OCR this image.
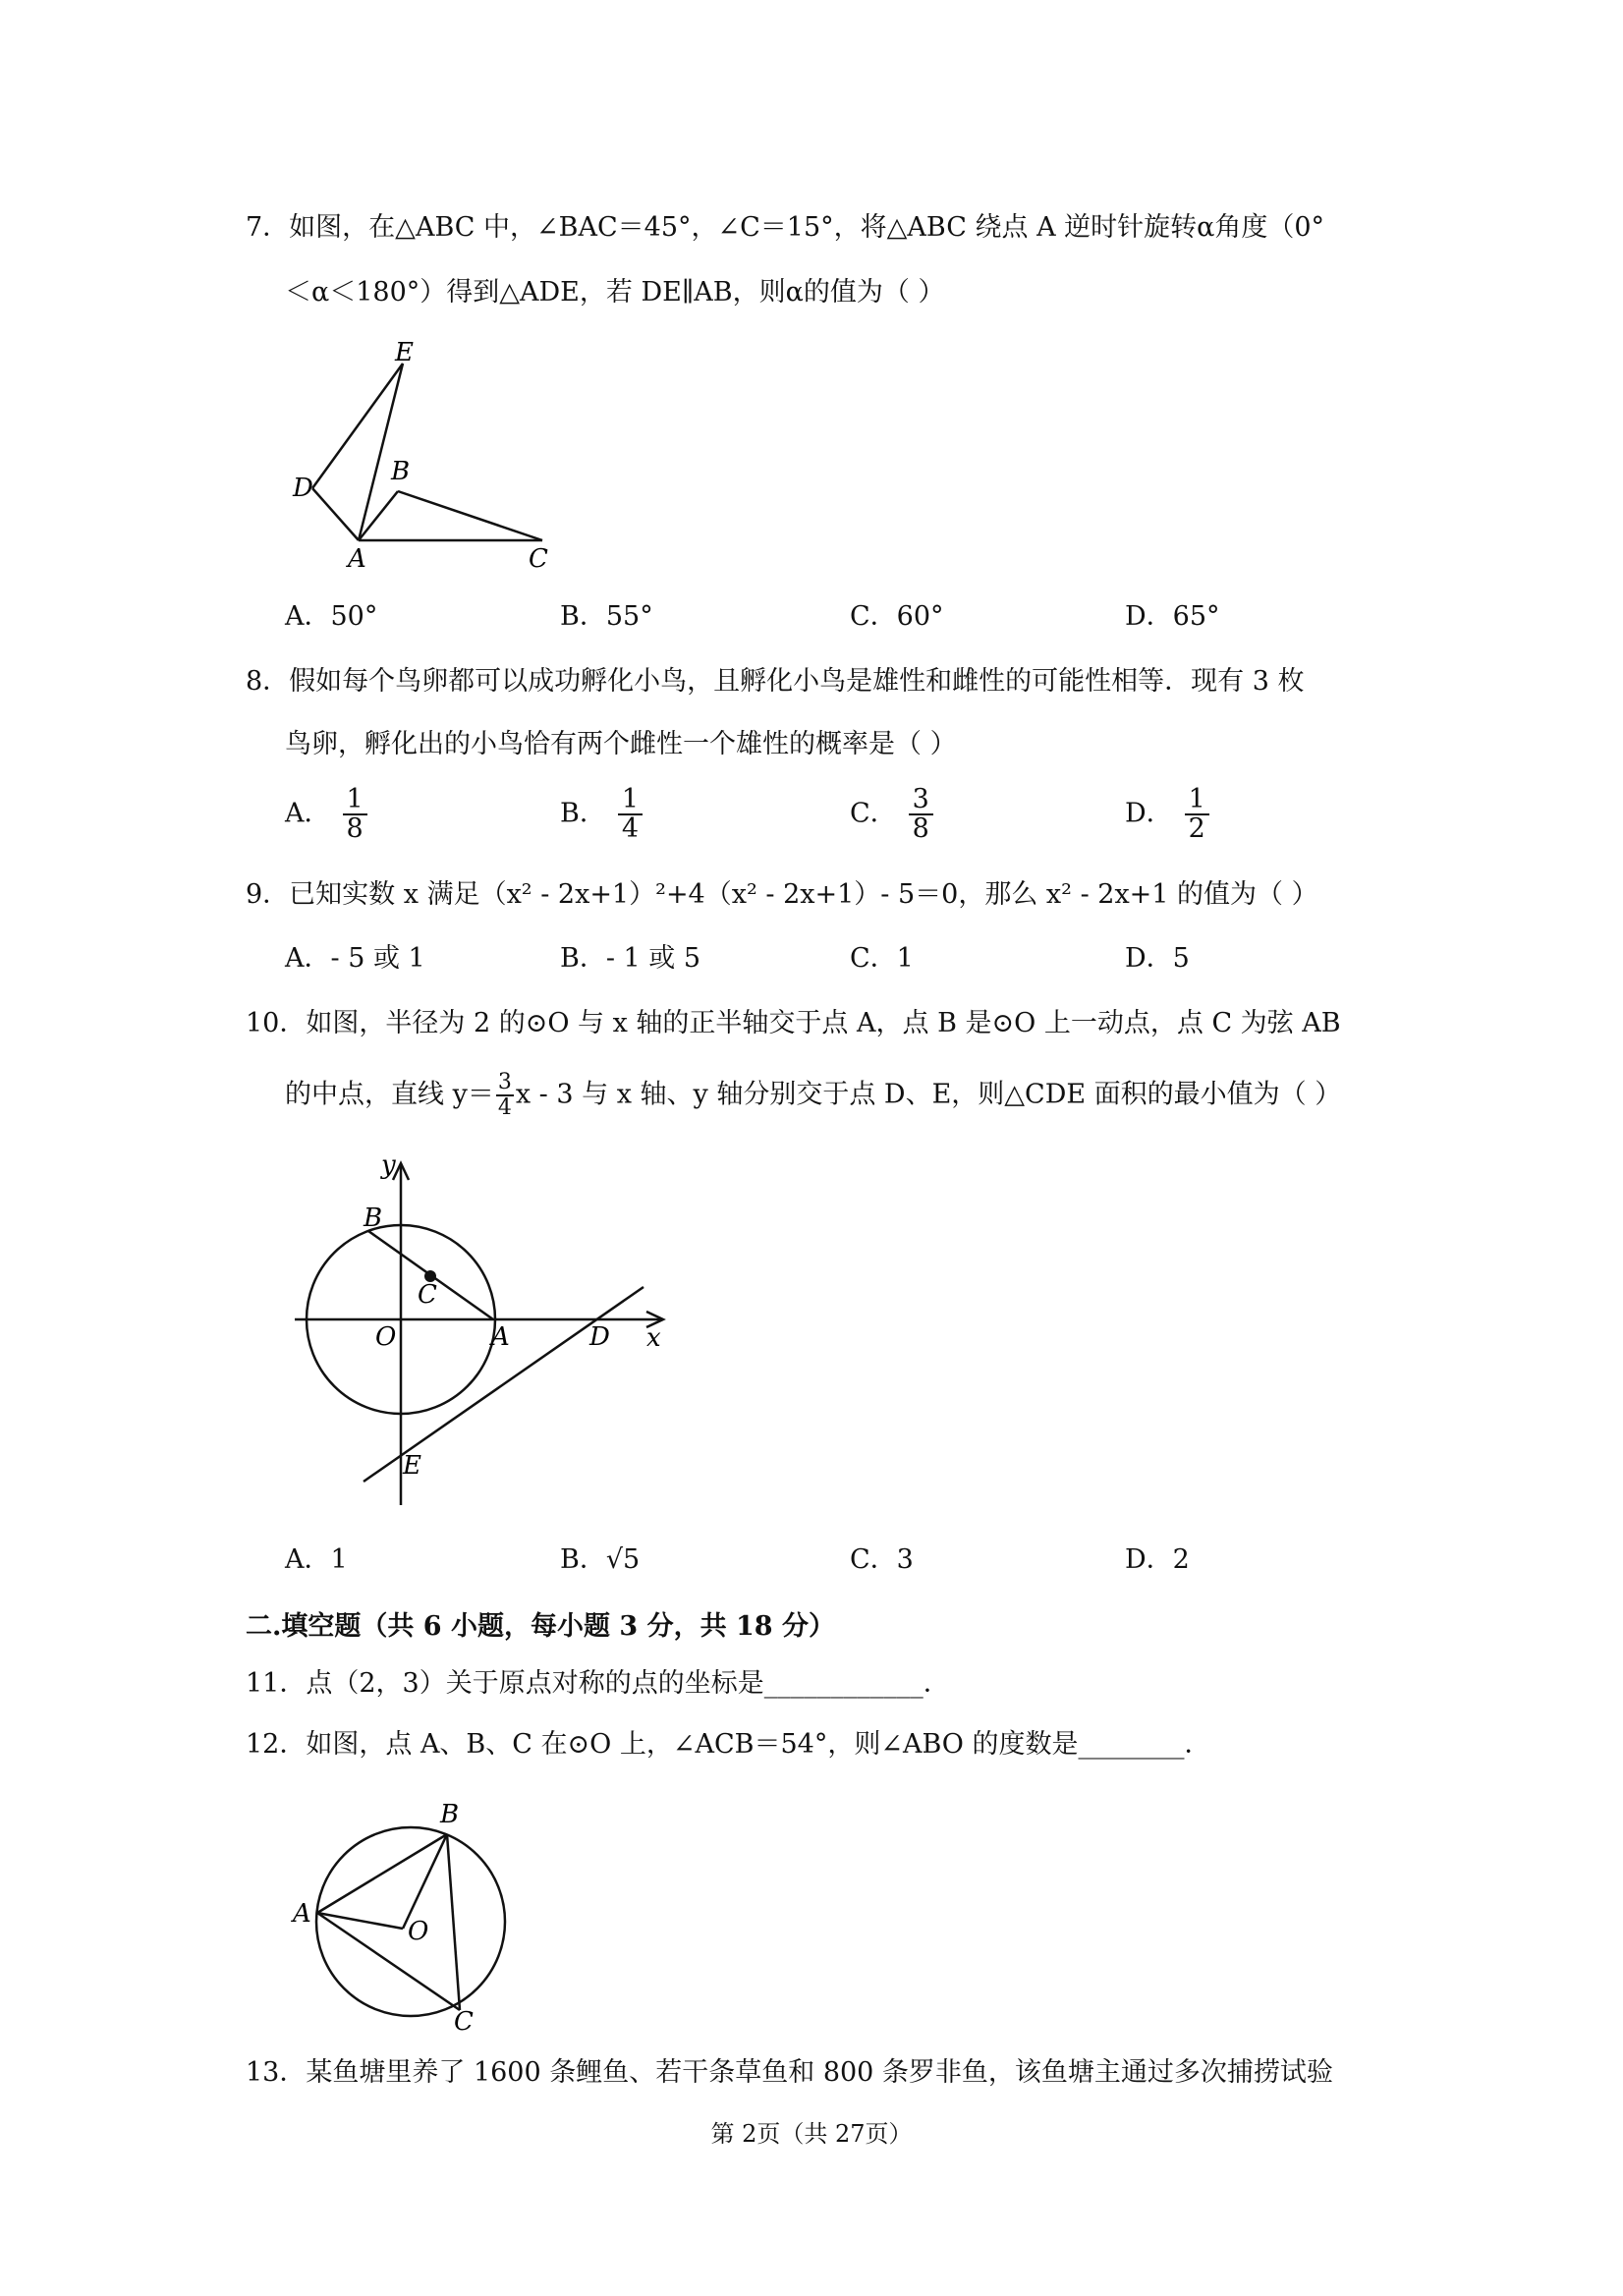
7．如图，在△ABC 中，∠BAC＝45°，∠C＝15°，将△ABC 绕点 A 逆时针旋转α角度（0°
＜α＜180°）得到△ADE，若 DE∥AB，则α的值为（ ）
E
D
B
A	C
A．50°	B．55°	C．60°	D．65°
8．假如每个鸟卵都可以成功孵化小鸟，且孵化小鸟是雄性和雌性的可能性相等．现有 3 枚
鸟卵，孵化出的小鸟恰有两个雌性一个雄性的概率是（ ）
A． $\frac{1}{8}$	B． $\frac{1}{4}$	C． $\frac{3}{8}$	D． $\frac{1}{2}$
9．已知实数 x 满足（x² - 2x+1）²+4（x² - 2x+1）- 5＝0，那么 x² - 2x+1 的值为（ ）
A．- 5 或 1	B．- 1 或 5	C．1	D．5
10．如图，半径为 2 的⊙O 与 x 轴的正半轴交于点 A，点 B 是⊙O 上一动点，点 C 为弦 AB
的中点，直线 $y= \frac{3}{4}$ x - 3 与 x 轴、y 轴分别交于点 D、E，则△CDE 面积的最小值为（ ）
y
x
B
C
O	A	D
E
A．1	B．√5	C．3	D．2
二.填空题（共 6 小题，每小题 3 分，共 18 分）
11．点（2，3）关于原点对称的点的坐标是____________．
12．如图，点 A、B、C 在⊙O 上，∠ACB＝54°，则∠ABO 的度数是________．
A
B
O
C
13．某鱼塘里养了 1600 条鲤鱼、若干条草鱼和 800 条罗非鱼，该鱼塘主通过多次捕捞试验
第 2页（共 27页）
